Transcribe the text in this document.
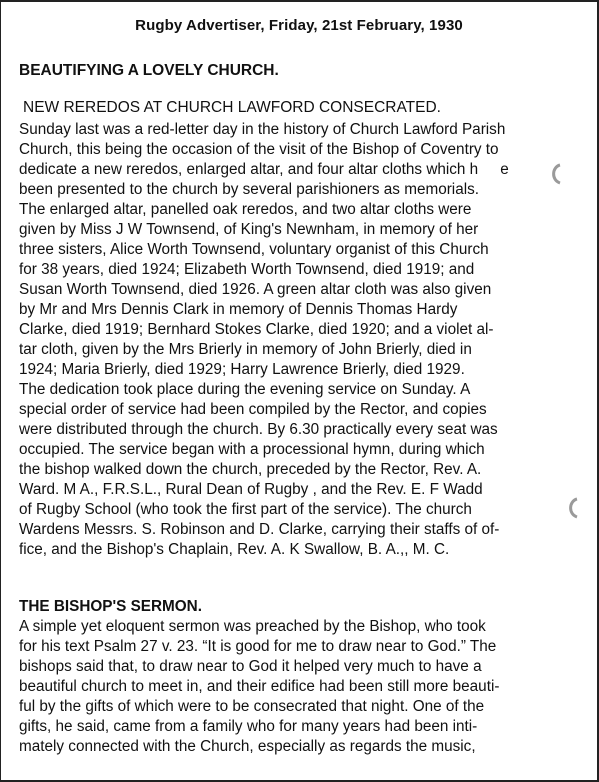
Rugby Advertiser, Friday, 21st February, 1930
BEAUTIFYING A LOVELY CHURCH.
NEW REREDOS AT CHURCH LAWFORD CONSECRATED.
Sunday last was a red-letter day in the history of Church Lawford Parish
Church, this being the occasion of the visit of the Bishop of Coventry to
dedicate a new reredos, enlarged altar, and four altar cloths which h e
been presented to the church by several parishioners as memorials.
The enlarged altar, panelled oak reredos, and two altar cloths were
given by Miss J W Townsend, of King's Newnham, in memory of her
three sisters, Alice Worth Townsend, voluntary organist of this Church
for 38 years, died 1924; Elizabeth Worth Townsend, died 1919; and
Susan Worth Townsend, died 1926. A green altar cloth was also given
by Mr and Mrs Dennis Clark in memory of Dennis Thomas Hardy
Clarke, died 1919; Bernhard Stokes Clarke, died 1920; and a violet al-
tar cloth, given by the Mrs Brierly in memory of John Brierly, died in
1924; Maria Brierly, died 1929; Harry Lawrence Brierly, died 1929.
The dedication took place during the evening service on Sunday. A
special order of service had been compiled by the Rector, and copies
were distributed through the church. By 6.30 practically every seat was
occupied. The service began with a processional hymn, during which
the bishop walked down the church, preceded by the Rector, Rev. A.
Ward. M A., F.R.S.L., Rural Dean of Rugby , and the Rev. E. F Wadd
of Rugby School (who took the first part of the service). The church
Wardens Messrs. S. Robinson and D. Clarke, carrying their staffs of of-
fice, and the Bishop's Chaplain, Rev. A. K Swallow, B. A.,, M. C.
THE BISHOP'S SERMON.
A simple yet eloquent sermon was preached by the Bishop, who took
for his text Psalm 27 v. 23. “It is good for me to draw near to God.” The
bishops said that, to draw near to God it helped very much to have a
beautiful church to meet in, and their edifice had been still more beauti-
ful by the gifts of which were to be consecrated that night. One of the
gifts, he said, came from a family who for many years had been inti-
mately connected with the Church, especially as regards the music,
